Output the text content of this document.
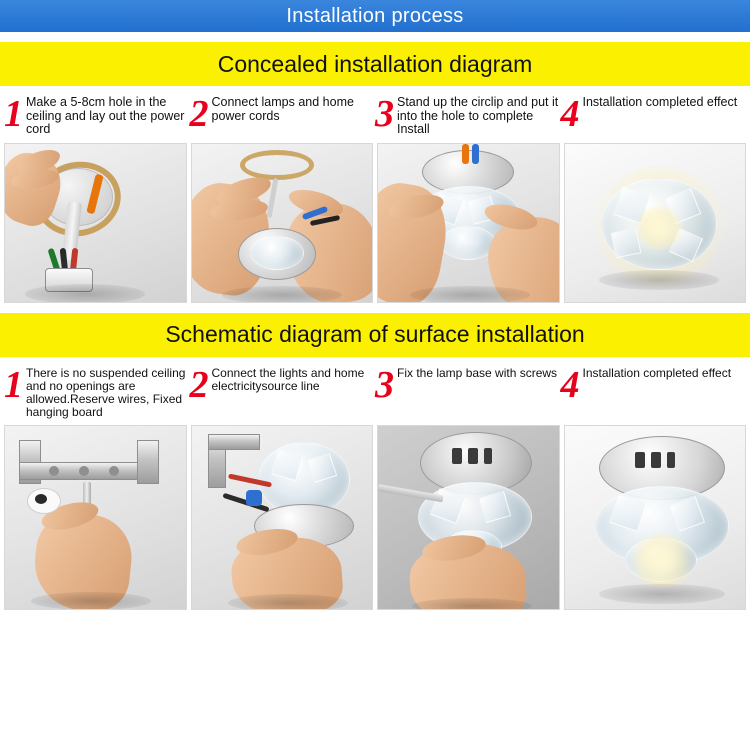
Installation process
Concealed installation diagram
1 Make a 5-8cm hole in the ceiling and lay out the power cord	2 Connect lamps and home power cords	3 Stand up the circlip and put it into the hole to complete Install	4 Installation completed effect
Schematic diagram of surface installation
1 There is no suspended ceiling and no openings are allowed.Reserve wires, Fixed hanging board
2 Connect the lights and home electricitysource line	3 Fix the lamp base with screws 4 Installation completed effect
